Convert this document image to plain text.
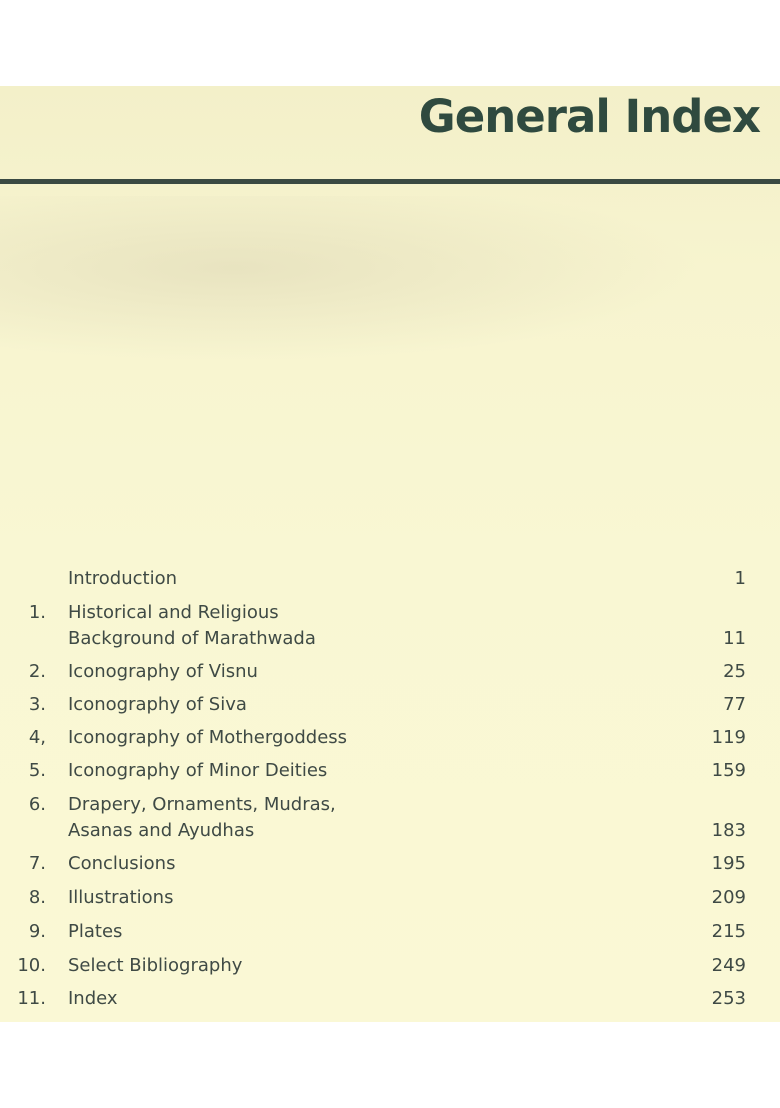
General Index
Introduction	1
1. Historical and Religious
Background of Marathwada	11
2. Iconography of Visnu	25
3. Iconography of Siva	77
4, Iconography of Mothergoddess	119
5. Iconography of Minor Deities	159
6. Drapery, Ornaments, Mudras,
Asanas and Ayudhas	183
7. Conclusions	195
8. Illustrations	209
9. Plates	215
10. Select Bibliography	249
11. Index	253
